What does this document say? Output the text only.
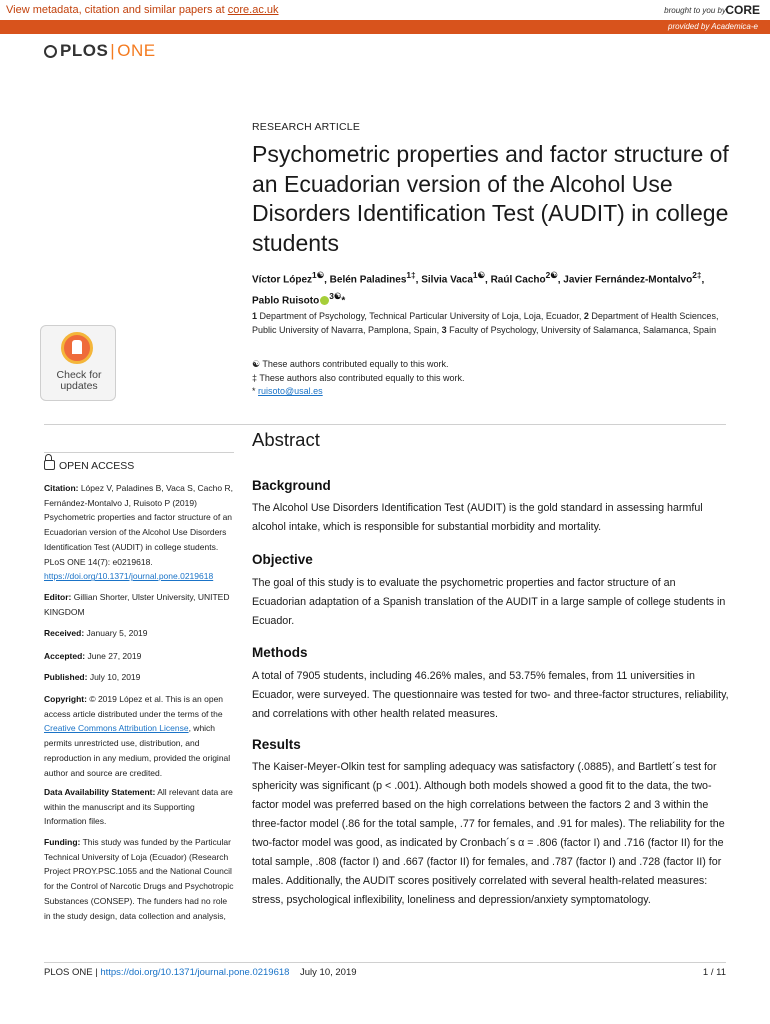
View metadata, citation and similar papers at core.ac.uk	brought to you by CORE
provided by Academica-e
PLOS | ONE
RESEARCH ARTICLE
Psychometric properties and factor structure of an Ecuadorian version of the Alcohol Use Disorders Identification Test (AUDIT) in college students
Víctor López$^{1☯}$, Belén Paladines$^{1\ddagger}$, Silvia Vaca$^{1☯}$, Raúl Cacho$^{2☯}$, Javier Fernández-Montalvo$^{2\ddagger}$, Pablo Ruisoto $^{3☯}$*
1 Department of Psychology, Technical Particular University of Loja, Loja, Ecuador, 2 Department of Health Sciences, Public University of Navarra, Pamplona, Spain, 3 Faculty of Psychology, University of Salamanca, Salamanca, Spain
☯ These authors contributed equally to this work.
‡ These authors also contributed equally to this work.
* ruisoto@usal.es
Check for
updates
Abstract
OPEN ACCESS
Citation: López V, Paladines B, Vaca S, Cacho R, Fernández-Montalvo J, Ruisoto P (2019) Psychometric properties and factor structure of an Ecuadorian version of the Alcohol Use Disorders Identification Test (AUDIT) in college students. PLoS ONE 14(7): e0219618. https://doi.org/10.1371/journal.pone.0219618
Editor: Gillian Shorter, Ulster University, UNITED KINGDOM
Received: January 5, 2019
Accepted: June 27, 2019
Published: July 10, 2019
Copyright: © 2019 López et al. This is an open access article distributed under the terms of the Creative Commons Attribution License, which permits unrestricted use, distribution, and reproduction in any medium, provided the original author and source are credited.
Data Availability Statement: All relevant data are within the manuscript and its Supporting Information files.
Funding: This study was funded by the Particular Technical University of Loja (Ecuador) (Research Project PROY.PSC.1055 and the National Council for the Control of Narcotic Drugs and Psychotropic Substances (CONSEP). The funders had no role in the study design, data collection and analysis,
Background
The Alcohol Use Disorders Identification Test (AUDIT) is the gold standard in assessing harmful alcohol intake, which is responsible for substantial morbidity and mortality.
Objective
The goal of this study is to evaluate the psychometric properties and factor structure of an Ecuadorian adaptation of a Spanish translation of the AUDIT in a large sample of college students in Ecuador.
Methods
A total of 7905 students, including 46.26% males, and 53.75% females, from 11 universities in Ecuador, were surveyed. The questionnaire was tested for two- and three-factor structures, reliability, and correlations with other health related measures.
Results
The Kaiser-Meyer-Olkin test for sampling adequacy was satisfactory (.0885), and Bartlett´s test for sphericity was significant (p < .001). Although both models showed a good fit to the data, the two-factor model was preferred based on the high correlations between the factors 2 and 3 within the three-factor model (.86 for the total sample, .77 for females, and .91 for males). The reliability for the two-factor model was good, as indicated by Cronbach´s α = .806 (factor I) and .716 (factor II) for the total sample, .808 (factor I) and .667 (factor II) for females, and .787 (factor I) and .728 (factor II) for males. Additionally, the AUDIT scores positively correlated with several health-related measures: stress, psychological inflexibility, loneliness and depression/anxiety symptomatology.
PLOS ONE | https://doi.org/10.1371/journal.pone.0219618 July 10, 2019	1 / 11
